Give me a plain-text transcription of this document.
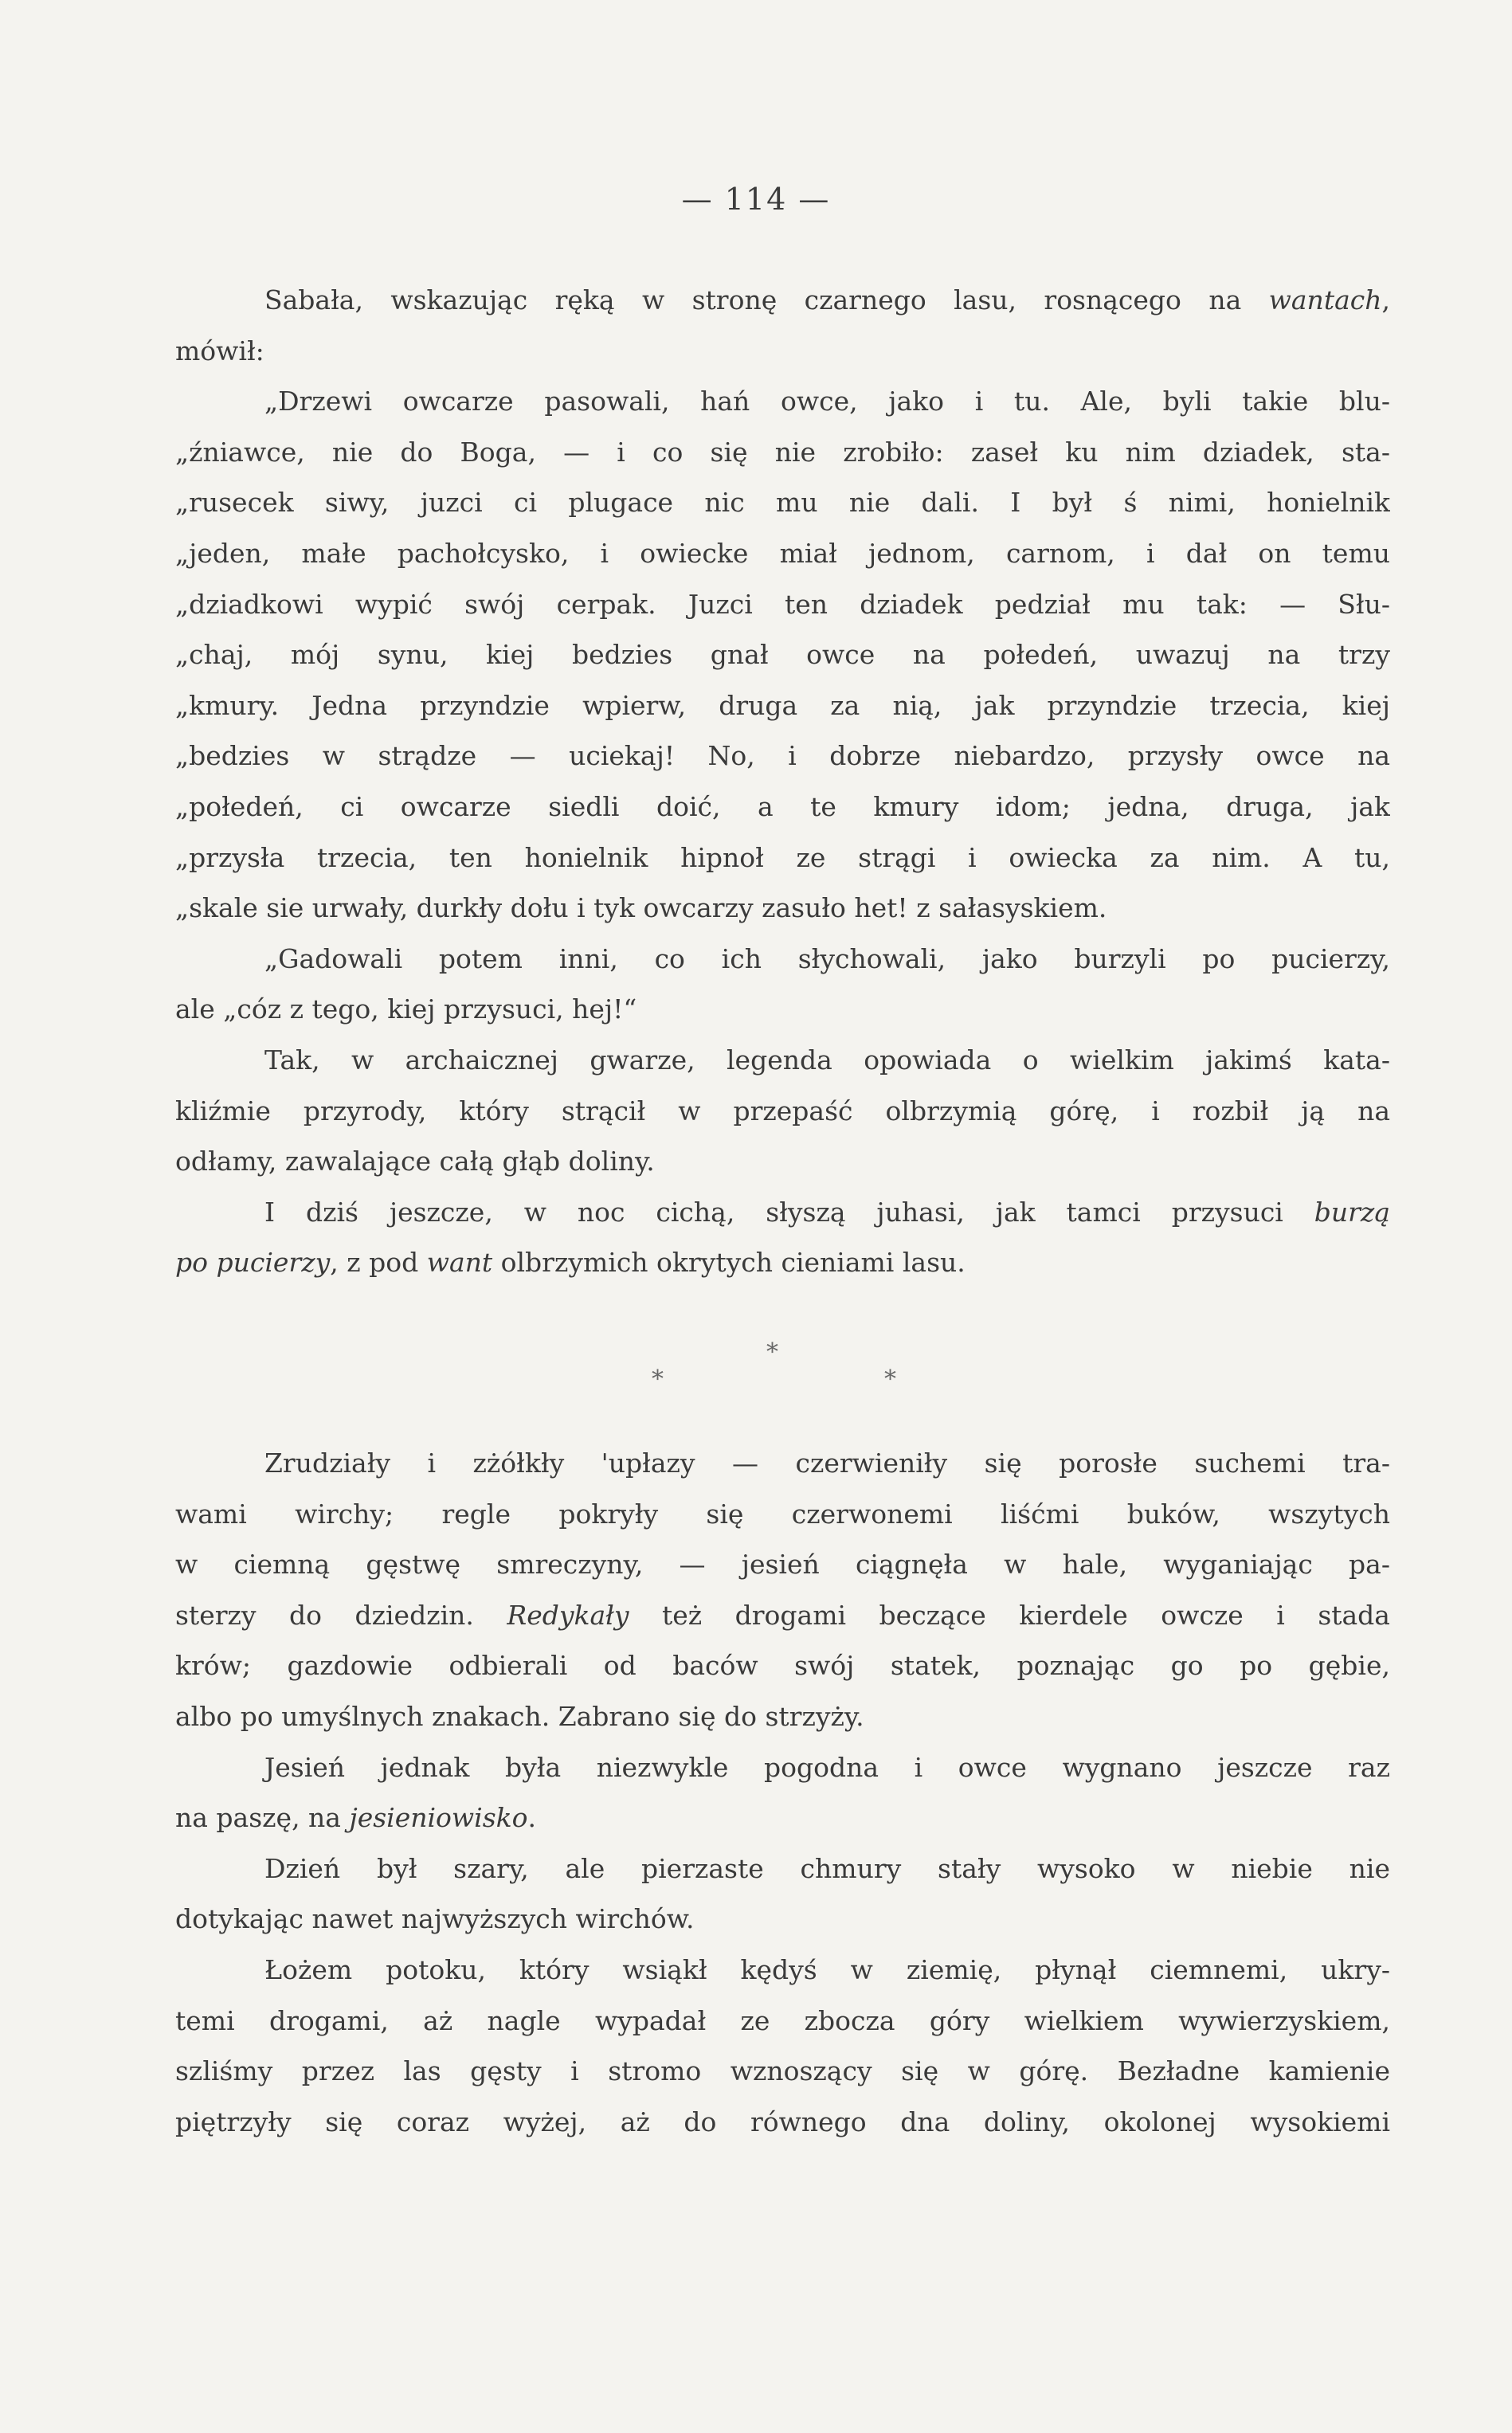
— 114 —
Sabała, wskazując ręką w stronę czarnego lasu, rosnącego na wantach,
mówił:
„Drzewi owcarze pasowali, hań owce, jako i tu. Ale, byli takie blu-
„źniawce, nie do Boga, — i co się nie zrobiło: zaseł ku nim dziadek, sta-
„rusecek siwy, juzci ci plugace nic mu nie dali. I był ś nimi, honielnik
„jeden, małe pachołcysko, i owiecke miał jednom, carnom, i dał on temu
„dziadkowi wypić swój cerpak. Juzci ten dziadek pedział mu tak: — Słu-
„chaj, mój synu, kiej bedzies gnał owce na połedeń, uwazuj na trzy
„kmury. Jedna przyndzie wpierw, druga za nią, jak przyndzie trzecia, kiej
„bedzies w strądze — uciekaj! No, i dobrze niebardzo, przysły owce na
„połedeń, ci owcarze siedli doić, a te kmury idom; jedna, druga, jak
„przysła trzecia, ten honielnik hipnoł ze strągi i owiecka za nim. A tu,
„skale sie urwały, durkły dołu i tyk owcarzy zasuło het! z sałasyskiem.
„Gadowali potem inni, co ich słychowali, jako burzyli po pucierzy,
ale „cóz z tego, kiej przysuci, hej!“
Tak, w archaicznej gwarze, legenda opowiada o wielkim jakimś kata-
kliźmie przyrody, który strącił w przepaść olbrzymią górę, i rozbił ją na
odłamy, zawalające całą głąb doliny.
I dziś jeszcze, w noc cichą, słyszą juhasi, jak tamci przysuci burzą
po pucierzy, z pod want olbrzymich okrytych cieniami lasu.
*
*	*
Zrudziały i zżółkły 'upłazy — czerwieniły się porosłe suchemi tra-
wami wirchy; regle pokryły się czerwonemi liśćmi buków, wszytych
w ciemną gęstwę smreczyny, — jesień ciągnęła w hale, wyganiając pa-
sterzy do dziedzin. Redykały też drogami beczące kierdele owcze i stada
krów; gazdowie odbierali od baców swój statek, poznając go po gębie,
albo po umyślnych znakach. Zabrano się do strzyży.
Jesień jednak była niezwykle pogodna i owce wygnano jeszcze raz
na paszę, na jesieniowisko.
Dzień był szary, ale pierzaste chmury stały wysoko w niebie nie
dotykając nawet najwyższych wirchów.
Łożem potoku, który wsiąkł kędyś w ziemię, płynął ciemnemi, ukry-
temi drogami, aż nagle wypadał ze zbocza góry wielkiem wywierzyskiem,
szliśmy przez las gęsty i stromo wznoszący się w górę. Bezładne kamienie
piętrzyły się coraz wyżej, aż do równego dna doliny, okolonej wysokiemi
